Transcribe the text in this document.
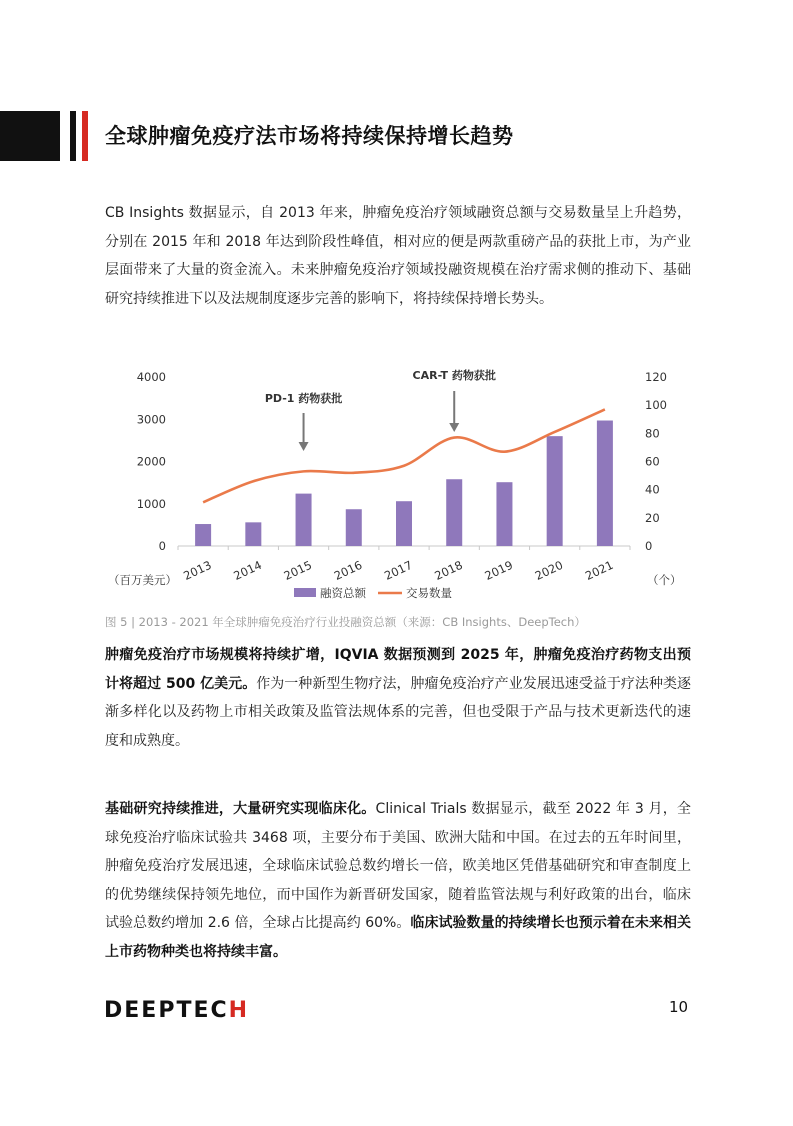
全球肿瘤免疫疗法市场将持续保持增长趋势
CB Insights 数据显示，自 2013 年来，肿瘤免疫治疗领域融资总额与交易数量呈上升趋势，分别在 2015 年和 2018 年达到阶段性峰值，相对应的便是两款重磅产品的获批上市，为产业层面带来了大量的资金流入。未来肿瘤免疫治疗领域投融资规模在治疗需求侧的推动下、基础研究持续推进下以及法规制度逐步完善的影响下，将持续保持增长势头。
0
1000
2000
3000
4000
0
20
40
60
80
100
120
2013 2014 2015 2016 2017 2018 2019 2020 2021
（百万美元）	（个）
PD-1 药物获批
CAR-T 药物获批
融资总额	交易数量
图 5 | 2013 - 2021 年全球肿瘤免疫治疗行业投融资总额（来源：CB Insights、DeepTech）
肿瘤免疫治疗市场规模将持续扩增，IQVIA 数据预测到 2025 年，肿瘤免疫治疗药物支出预计将超过 500 亿美元。作为一种新型生物疗法，肿瘤免疫治疗产业发展迅速受益于疗法种类逐渐多样化以及药物上市相关政策及监管法规体系的完善，但也受限于产品与技术更新迭代的速度和成熟度。
基础研究持续推进，大量研究实现临床化。Clinical Trials 数据显示，截至 2022 年 3 月，全球免疫治疗临床试验共 3468 项，主要分布于美国、欧洲大陆和中国。在过去的五年时间里，肿瘤免疫治疗发展迅速，全球临床试验总数约增长一倍，欧美地区凭借基础研究和审查制度上的优势继续保持领先地位，而中国作为新晋研发国家，随着监管法规与利好政策的出台，临床试验总数约增加 2.6 倍，全球占比提高约 60%。临床试验数量的持续增长也预示着在未来相关上市药物种类也将持续丰富。
DEEPTECH	10
